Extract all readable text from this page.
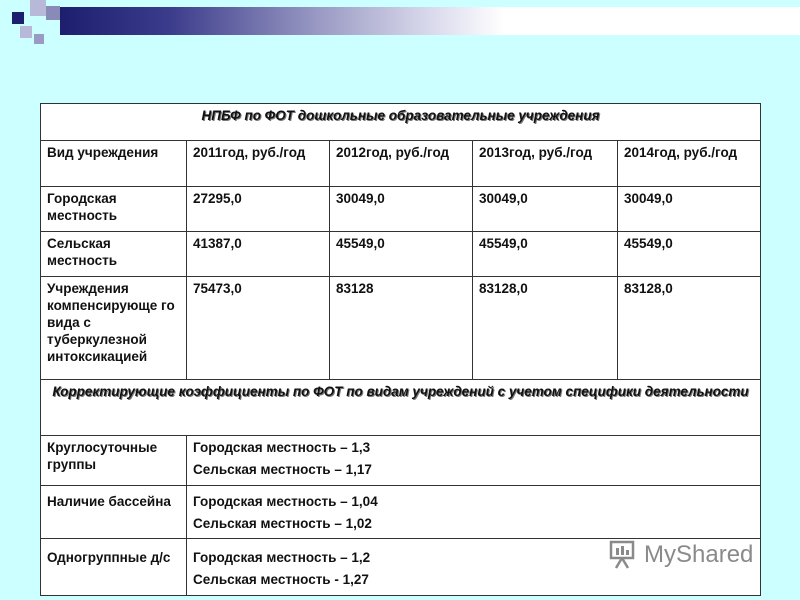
НПБФ по ФОТ дошкольные образовательные учреждения				
Вид учреждения	2011год, руб./год	2012год, руб./год	2013год, руб./год	2014год, руб./год
Городская местность	27295,0	30049,0	30049,0	30049,0
Сельская местность	41387,0	45549,0	45549,0	45549,0
Учреждения компенсирующе го вида с туберкулезной интоксикацией	75473,0	83128	83128,0	83128,0
Корректирующие коэффициенты по ФОТ по видам учреждений с учетом специфики деятельности				
Круглосуточные группы	Городская местность – 1,3
Сельская местность – 1,17			

Наличие бассейна	Городская местность – 1,04
Сельская местность – 1,02			

Одногруппные д/с	Городская местность – 1,2
Сельская местность - 1,27			
MyShared
